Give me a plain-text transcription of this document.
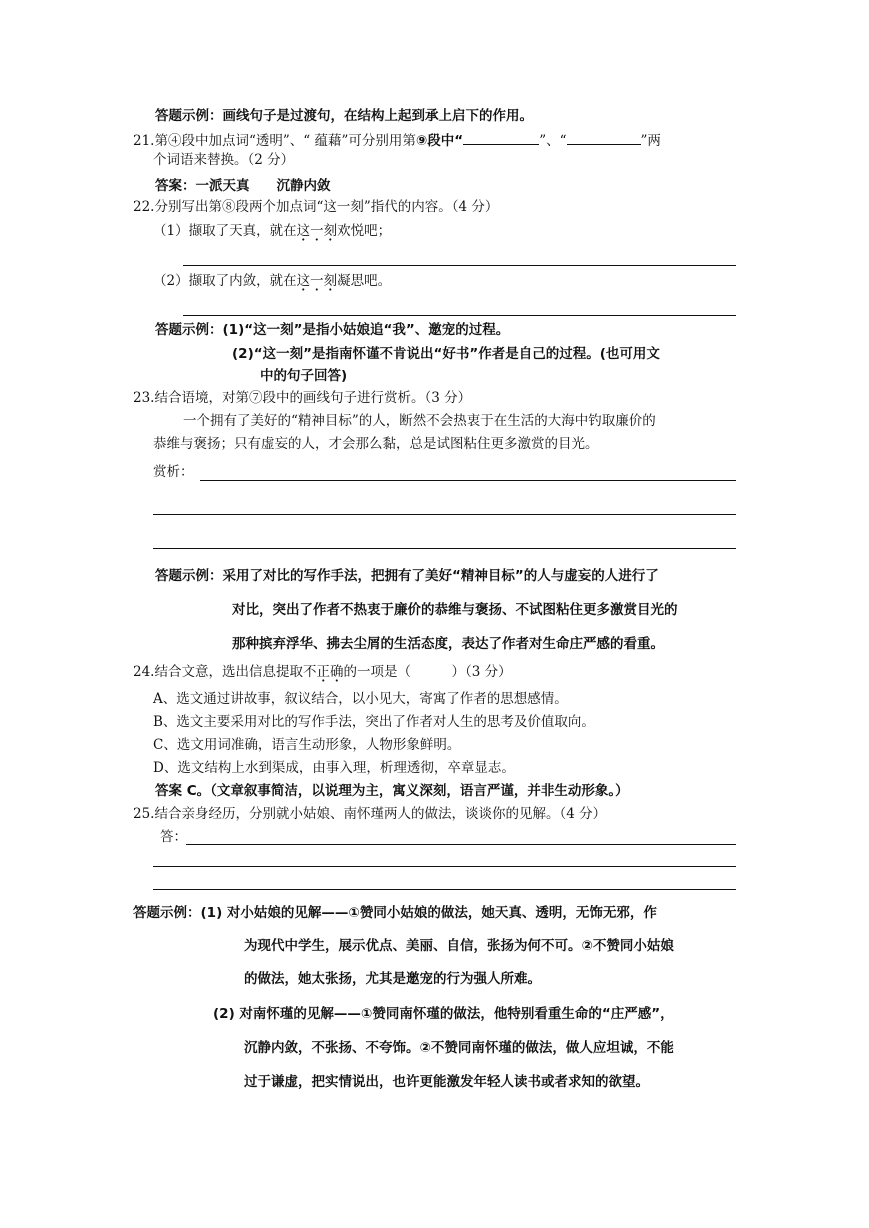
答题示例：画线句子是过渡句，在结构上起到承上启下的作用。
21.第④段中加点词“透明”、“ 蕴藉”可分别用第⑨段中“	”、“	”两
个词语来替换。（2 分）
答案：一派天真　　沉静内敛
22.分别写出第⑧段两个加点词“这一刻”指代的内容。（4 分）
（1）撷取了天真，就在这一刻欢悦吧；
（2）撷取了内敛，就在这一刻凝思吧。
答题示例：(1)“这一刻”是指小姑娘追“我”、邀宠的过程。
(2)“这一刻”是指南怀谨不肯说出“好书”作者是自己的过程。(也可用文
中的句子回答)
23.结合语境，对第⑦段中的画线句子进行赏析。（3 分）
一个拥有了美好的“精神目标”的人，断然不会热衷于在生活的大海中钓取廉价的
恭维与褒扬；只有虚妄的人，才会那么黏，总是试图粘住更多激赏的目光。
赏析：
答题示例：采用了对比的写作手法，把拥有了美好“精神目标”的人与虚妄的人进行了
对比，突出了作者不热衷于廉价的恭维与褒扬、不试图粘住更多激赏目光的
那种摈弃浮华、拂去尘屑的生活态度，表达了作者对生命庄严感的看重。
24.结合文意，选出信息提取不正确的一项是（　　　）（3 分）
A、选文通过讲故事，叙议结合，以小见大，寄寓了作者的思想感情。
B、选文主要采用对比的写作手法，突出了作者对人生的思考及价值取向。
C、选文用词准确，语言生动形象，人物形象鲜明。
D、选文结构上水到渠成，由事入理，析理透彻，卒章显志。
答案 C。（文章叙事简洁，以说理为主，寓义深刻，语言严谨，并非生动形象。）
25.结合亲身经历，分别就小姑娘、南怀瑾两人的做法，谈谈你的见解。（4 分）
答：
答题示例：(1) 对小姑娘的见解——①赞同小姑娘的做法，她天真、透明，无饰无邪，作
为现代中学生，展示优点、美丽、自信，张扬为何不可。②不赞同小姑娘
的做法，她太张扬，尤其是邀宠的行为强人所难。
(2) 对南怀瑾的见解——①赞同南怀瑾的做法，他特别看重生命的“庄严感”，
沉静内敛，不张扬、不夸饰。②不赞同南怀瑾的做法，做人应坦诚，不能
过于谦虚，把实情说出，也许更能激发年轻人读书或者求知的欲望。
